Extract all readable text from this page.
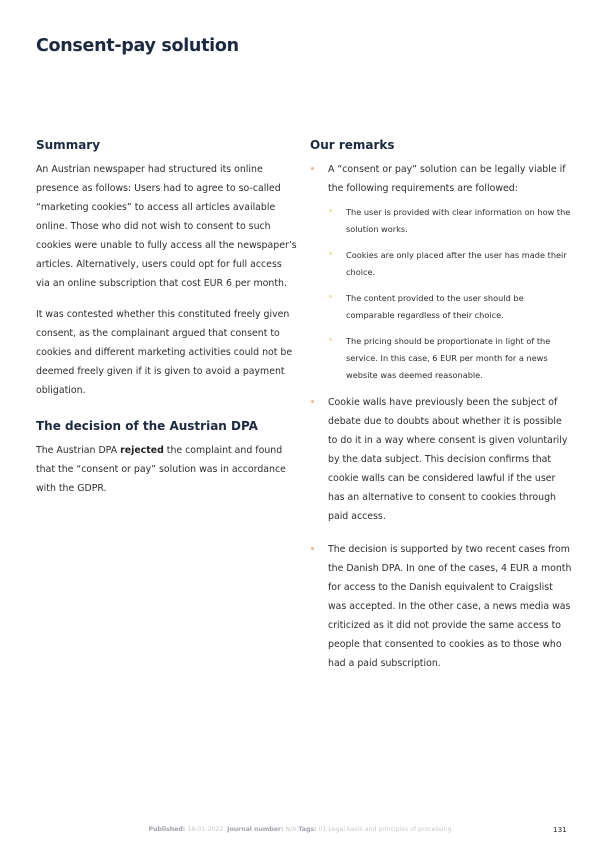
Consent-pay solution
Summary

An Austrian newspaper had structured its online presence as follows: Users had to agree to so-called “marketing cookies” to access all articles available online. Those who did not wish to consent to such cookies were unable to fully access all the newspaper’s articles. Alternatively, users could opt for full access via an online subscription that cost EUR 6 per month.

It was contested whether this constituted freely given consent, as the complainant argued that consent to cookies and different marketing activities could not be deemed freely given if it is given to avoid a payment obligation.

The decision of the Austrian DPA

The Austrian DPA rejected the complaint and found that the “consent or pay” solution was in accordance with the GDPR.

Our remarks
A “consent or pay” solution can be legally viable if the following requirements are followed:
The user is provided with clear information on how the solution works.
Cookies are only placed after the user has made their choice.
The content provided to the user should be comparable regardless of their choice.
The pricing should be proportionate in light of the service. In this case, 6 EUR per month for a news website was deemed reasonable.
Cookie walls have previously been the subject of debate due to doubts about whether it is possible to do it in a way where consent is given voluntarily by the data subject. This decision confirms that cookie walls can be considered lawful if the user has an alternative to consent to cookies through paid access.
The decision is supported by two recent cases from the Danish DPA. In one of the cases, 4 EUR a month for access to the Danish equivalent to Craigslist was accepted. In the other case, a news media was criticized as it did not provide the same access to people that consented to cookies as to those who had a paid subscription.
Published: 18-01-2022. Journal number: N/A Tags: 01 Legal basis and principles of processing	131
